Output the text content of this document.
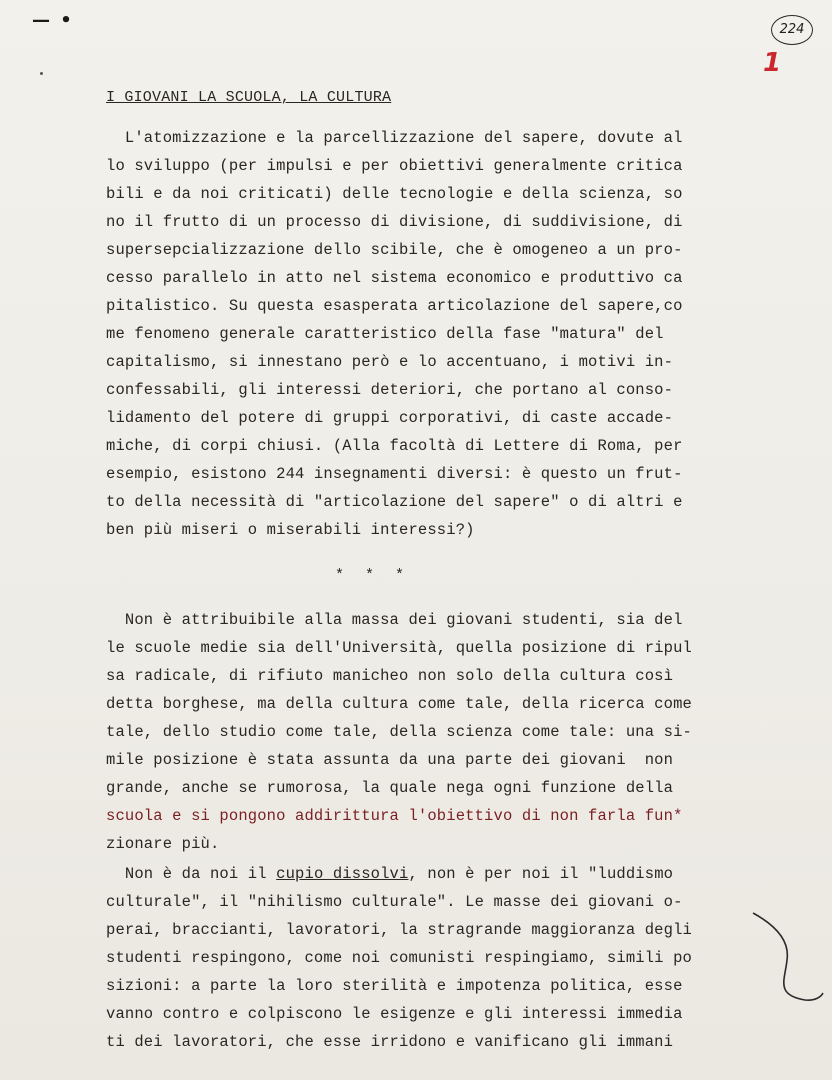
— •	224
1
I GIOVANI LA SCUOLA, LA CULTURA
L'atomizzazione e la parcellizzazione del sapere, dovute al
lo sviluppo (per impulsi e per obiettivi generalmente critica
bili e da noi criticati) delle tecnologie e della scienza, so
no il frutto di un processo di divisione, di suddivisione, di
supersepcializzazione dello scibile, che è omogeneo a un pro-
cesso parallelo in atto nel sistema economico e produttivo ca
pitalistico. Su questa esasperata articolazione del sapere,co
me fenomeno generale caratteristico della fase "matura" del
capitalismo, si innestano però e lo accentuano, i motivi in-
confessabili, gli interessi deteriori, che portano al conso-
lidamento del potere di gruppi corporativi, di caste accade-
miche, di corpi chiusi. (Alla facoltà di Lettere di Roma, per
esempio, esistono 244 insegnamenti diversi: è questo un frut-
to della necessità di "articolazione del sapere" o di altri e
ben più miseri o miserabili interessi?)
* * *
Non è attribuibile alla massa dei giovani studenti, sia del
le scuole medie sia dell'Università, quella posizione di ripul
sa radicale, di rifiuto manicheo non solo della cultura così
detta borghese, ma della cultura come tale, della ricerca come
tale, dello studio come tale, della scienza come tale: una si-
mile posizione è stata assunta da una parte dei giovani  non
grande, anche se rumorosa, la quale nega ogni funzione della
scuola e si pongono addirittura l'obiettivo di non farla fun*
zionare più.
Non è da noi il cupio dissolvi, non è per noi il "luddismo
culturale", il "nihilismo culturale". Le masse dei giovani o-
perai, braccianti, lavoratori, la stragrande maggioranza degli
studenti respingono, come noi comunisti respingiamo, simili po
sizioni: a parte la loro sterilità e impotenza politica, esse
vanno contro e colpiscono le esigenze e gli interessi immedia
ti dei lavoratori, che esse irridono e vanificano gli immani
